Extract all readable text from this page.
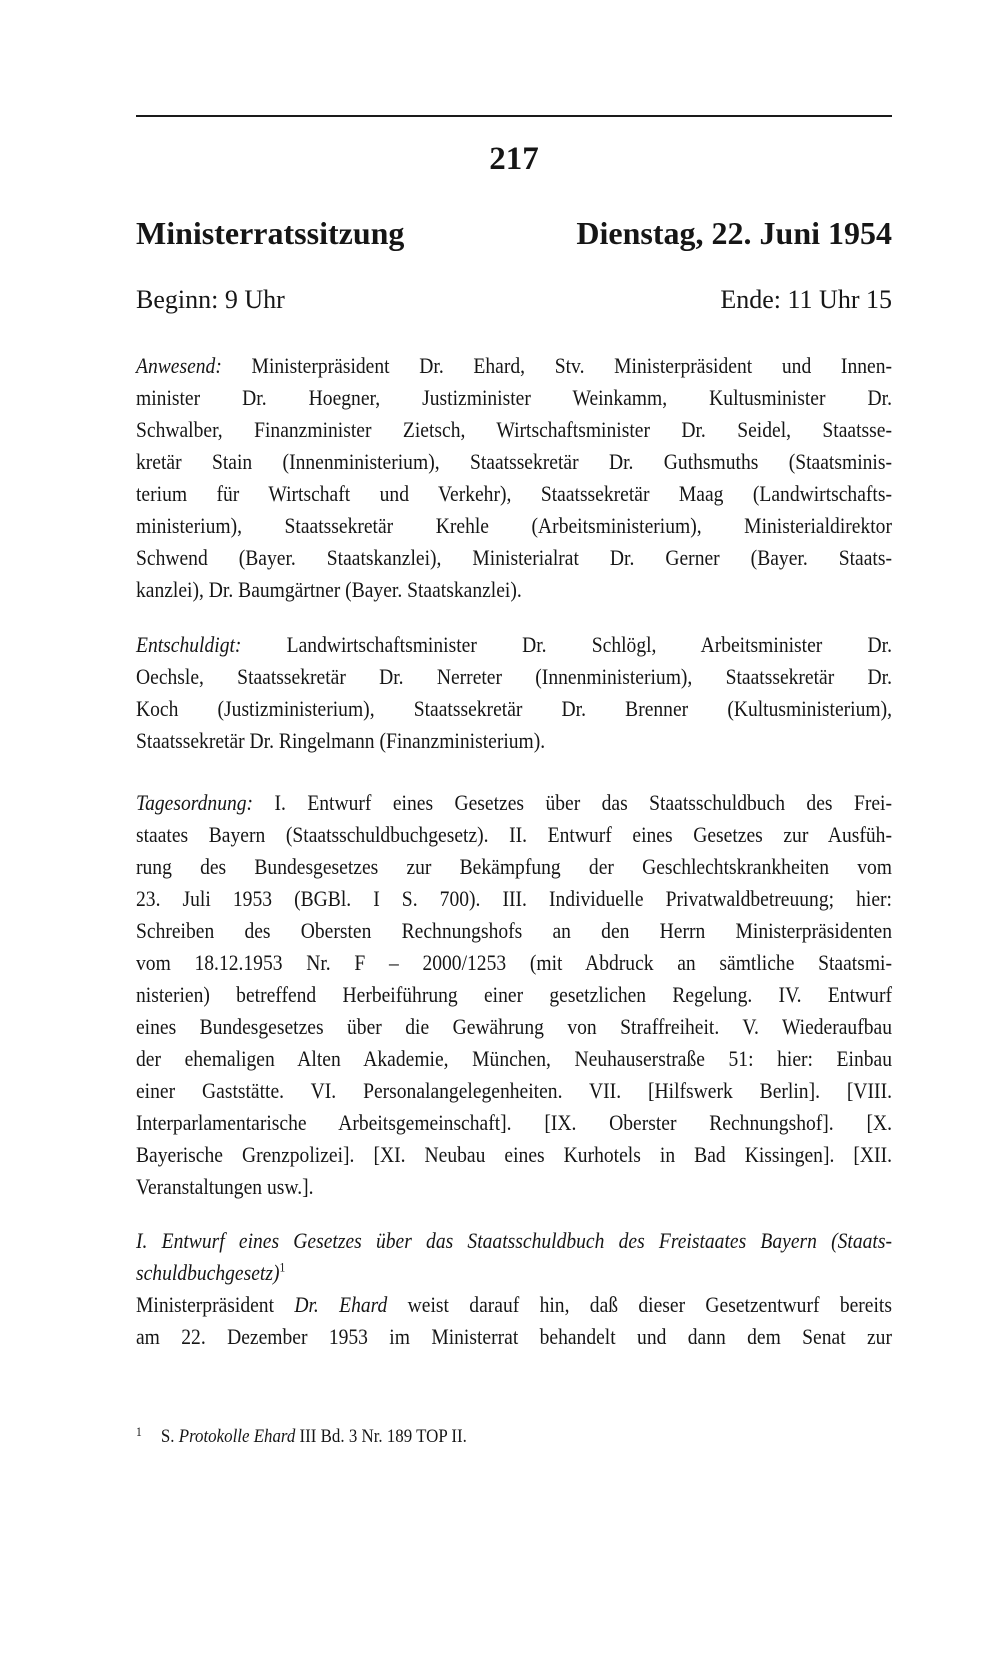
217
Ministerratssitzung	Dienstag, 22. Juni 1954
Beginn: 9 Uhr	Ende: 11 Uhr 15
Anwesend: Ministerpräsident Dr. Ehard, Stv. Ministerpräsident und Innen-
minister Dr. Hoegner, Justizminister Weinkamm, Kultusminister Dr.
Schwalber, Finanzminister Zietsch, Wirtschaftsminister Dr. Seidel, Staatsse-
kretär Stain (Innenministerium), Staatssekretär Dr. Guthsmuths (Staatsminis-
terium für Wirtschaft und Verkehr), Staatssekretär Maag (Landwirtschafts-
ministerium), Staatssekretär Krehle (Arbeitsministerium), Ministerialdirektor
Schwend (Bayer. Staatskanzlei), Ministerialrat Dr. Gerner (Bayer. Staats-
kanzlei), Dr. Baumgärtner (Bayer. Staatskanzlei).
Entschuldigt: Landwirtschaftsminister Dr. Schlögl, Arbeitsminister Dr.
Oechsle, Staatssekretär Dr. Nerreter (Innenministerium), Staatssekretär Dr.
Koch (Justizministerium), Staatssekretär Dr. Brenner (Kultusministerium),
Staatssekretär Dr. Ringelmann (Finanzministerium).
Tagesordnung: I. Entwurf eines Gesetzes über das Staatsschuldbuch des Frei-
staates Bayern (Staatsschuldbuchgesetz). II. Entwurf eines Gesetzes zur Ausfüh-
rung des Bundesgesetzes zur Bekämpfung der Geschlechtskrankheiten vom
23. Juli 1953 (BGBl. I S. 700). III. Individuelle Privatwaldbetreuung; hier:
Schreiben des Obersten Rechnungshofs an den Herrn Ministerpräsidenten
vom 18.12.1953 Nr. F – 2000/1253 (mit Abdruck an sämtliche Staatsmi-
nisterien) betreffend Herbeiführung einer gesetzlichen Regelung. IV. Entwurf
eines Bundesgesetzes über die Gewährung von Straffreiheit. V. Wiederaufbau
der ehemaligen Alten Akademie, München, Neuhauserstraße 51: hier: Einbau
einer Gaststätte. VI. Personalangelegenheiten. VII. [Hilfswerk Berlin]. [VIII.
Interparlamentarische Arbeitsgemeinschaft]. [IX. Oberster Rechnungshof]. [X.
Bayerische Grenzpolizei]. [XI. Neubau eines Kurhotels in Bad Kissingen]. [XII.
Veranstaltungen usw.].
I. Entwurf eines Gesetzes über das Staatsschuldbuch des Freistaates Bayern (Staats-
schuldbuchgesetz)$^1$
Ministerpräsident Dr. Ehard weist darauf hin, daß dieser Gesetzentwurf bereits
am 22. Dezember 1953 im Ministerrat behandelt und dann dem Senat zur
1	S. Protokolle Ehard III Bd. 3 Nr. 189 TOP II.
